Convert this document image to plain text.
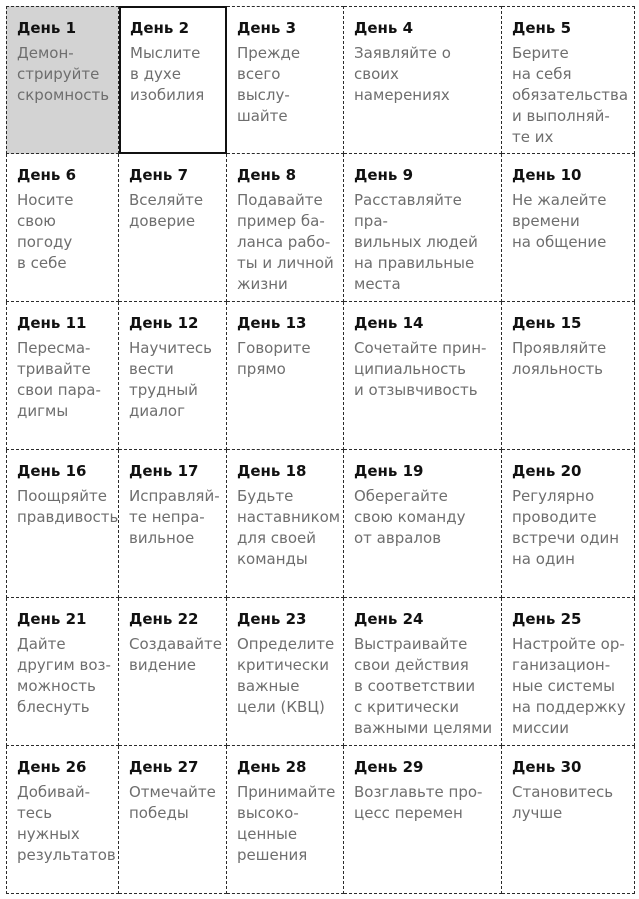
День 1
Демон-
стрируйте
скромность
День 2
Мыслите
в духе
изобилия
День 3
Прежде
всего выслу-
шайте
День 4
Заявляйте о своих
намерениях
День 5
Берите
на себя
обязательства
и выполняй-
те их
День 6
Носите
свою погоду
в себе
День 7
Вселяйте
доверие
День 8
Подавайте
пример ба-
ланса рабо-
ты и личной
жизни
День 9
Расставляйте пра-
вильных людей
на правильные
места
День 10
Не жалейте
времени
на общение
День 11
Пересма-
тривайте
свои пара-
дигмы
День 12
Научитесь
вести
трудный
диалог
День 13
Говорите
прямо
День 14
Сочетайте прин-
ципиальность
и отзывчивость
День 15
Проявляйте
лояльность
День 16
Поощряйте
правдивость
День 17
Исправляй-
те непра-
вильное
День 18
Будьте
наставником
для своей
команды
День 19
Оберегайте
свою команду
от авралов
День 20
Регулярно
проводите
встречи один
на один
День 21
Дайте
другим воз-
можность
блеснуть
День 22
Создавайте
видение
День 23
Определите
критически
важные
цели (КВЦ)
День 24
Выстраивайте
свои действия
в соответствии
с критически
важными целями
День 25
Настройте ор-
ганизацион-
ные системы
на поддержку
миссии
День 26
Добивай-
тесь нужных
результатов
День 27
Отмечайте
победы
День 28
Принимайте
высоко-
ценные
решения
День 29
Возглавьте про-
цесс перемен
День 30
Становитесь
лучше
